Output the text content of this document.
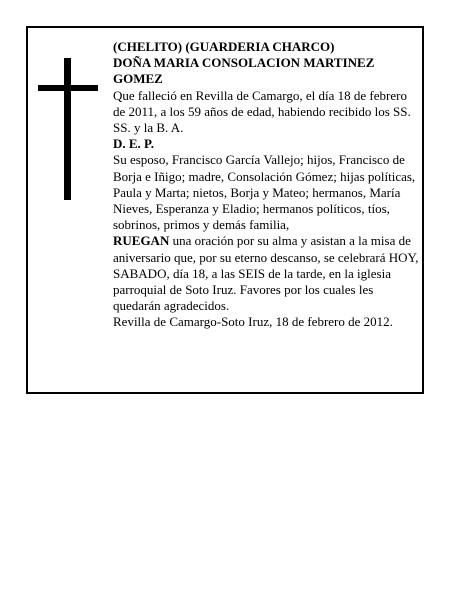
(CHELITO) (GUARDERIA CHARCO)

DOÑA MARIA CONSOLACION MARTINEZ GOMEZ

Que falleció en Revilla de Camargo, el día 18 de febrero de 2011, a los 59 años de edad, habiendo recibido los SS. SS. y la B. A.

D. E. P.

Su esposo, Francisco García Vallejo; hijos, Francisco de Borja e Iñigo; madre, Consolación Gómez; hijas políticas, Paula y Marta; nietos, Borja y Mateo; hermanos, María Nieves, Esperanza y Eladio; hermanos políticos, tíos, sobrinos, primos y demás familia,

RUEGAN una oración por su alma y asistan a la misa de aniversario que, por su eterno descanso, se celebrará HOY, SABADO, día 18, a las SEIS de la tarde, en la iglesia parroquial de Soto Iruz. Favores por los cuales les quedarán agradecidos.

Revilla de Camargo-Soto Iruz, 18 de febrero de 2012.
